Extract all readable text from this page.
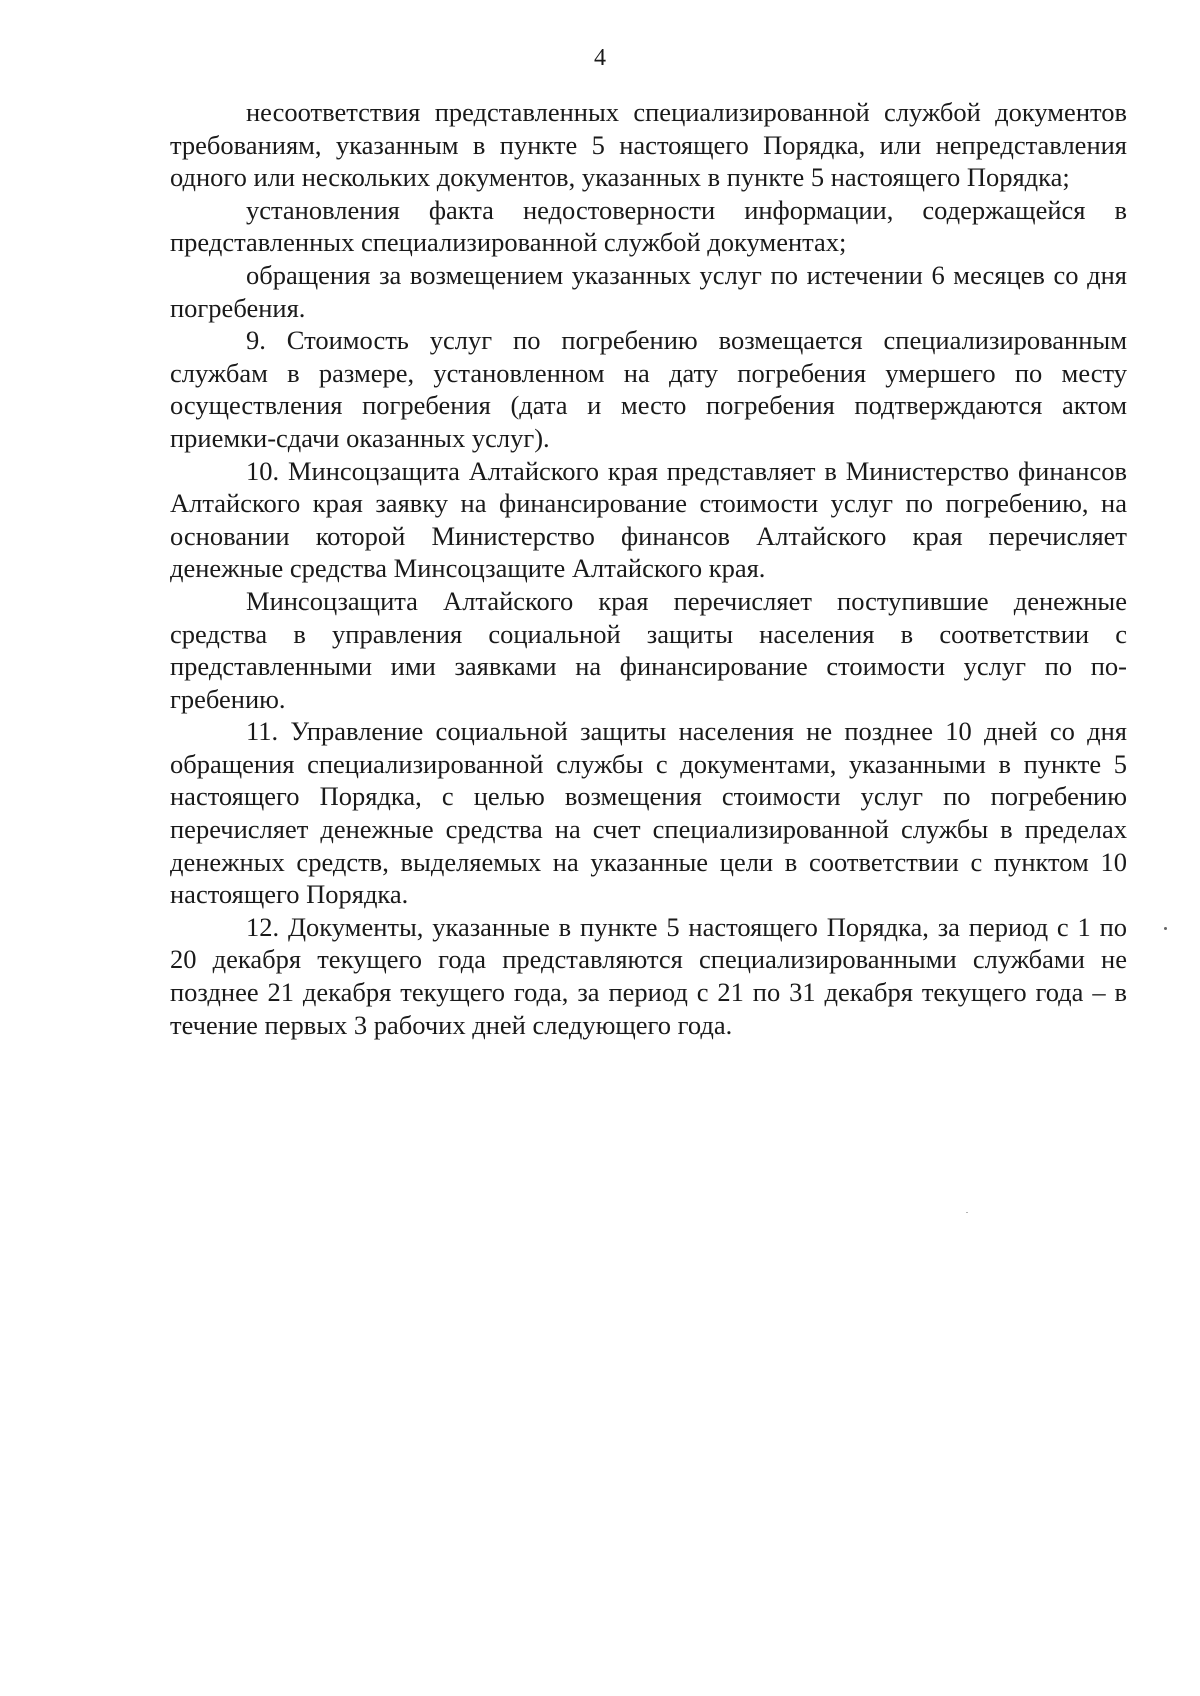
4

несоответствия представленных специализированной службой документов требованиям, указанным в пункте 5 настоящего Порядка, или непредставления одного или нескольких документов, указанных в пункте 5 настоящего Порядка;

установления факта недостоверности информации, содержащейся в представленных специализированной службой документах;

обращения за возмещением указанных услуг по истечении 6 месяцев со дня погребения.

9. Стоимость услуг по погребению возмещается специализированным службам в размере, установленном на дату погребения умершего по месту осуществления погребения (дата и место погребения подтверждаются актом приемки-сдачи оказанных услуг).

10. Минсоцзащита Алтайского края представляет в Министерство финансов Алтайского края заявку на финансирование стоимости услуг по погребению, на основании которой Министерство финансов Алтайского края перечисляет денежные средства Минсоцзащите Алтайского края.

Минсоцзащита Алтайского края перечисляет поступившие денежные средства в управления социальной защиты населения в соответствии с представленными ими заявками на финансирование стоимости услуг по погребению.

11. Управление социальной защиты населения не позднее 10 дней со дня обращения специализированной службы с документами, указанными в пункте 5 настоящего Порядка, с целью возмещения стоимости услуг по погребению перечисляет денежные средства на счет специализированной службы в пределах денежных средств, выделяемых на указанные цели в соответствии с пунктом 10 настоящего Порядка.

12. Документы, указанные в пункте 5 настоящего Порядка, за период с 1 по 20 декабря текущего года представляются специализированными службами не позднее 21 декабря текущего года, за период с 21 по 31 декабря текущего года – в течение первых 3 рабочих дней следующего года.
